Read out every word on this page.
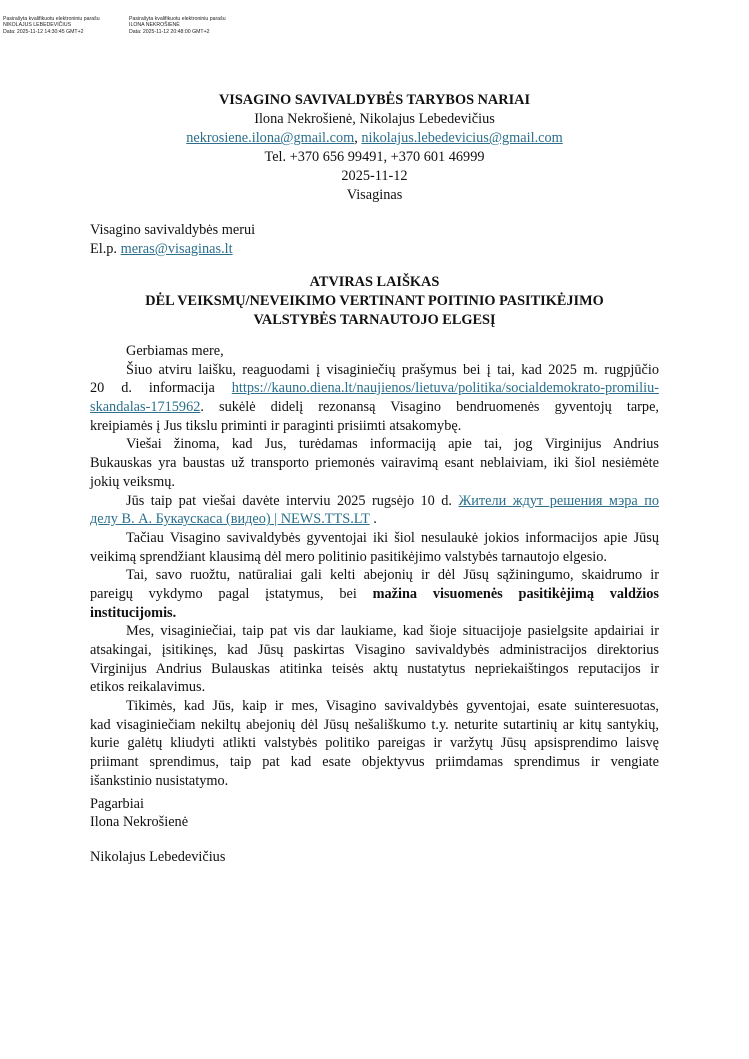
Pasirašyta kvalifikuotu elektroniniu parašu
NIKOLAJUS LEBEDEVIČIUS
Data: 2025-11-12 14:30:45 GMT+2
Pasirašyta kvalifikuotu elektroniniu parašu
ILONA NEKROŠIENĖ
Data: 2025-11-12 20:48:00 GMT+2
VISAGINO SAVIVALDYBĖS TARYBOS NARIAI
Ilona Nekrošienė, Nikolajus Lebedevičius
nekrosiene.ilona@gmail.com, nikolajus.lebedevicius@gmail.com
Tel. +370 656 99491, +370 601 46999
2025-11-12
Visaginas
Visagino savivaldybės merui
El.p. meras@visaginas.lt
ATVIRAS LAIŠKAS
DĖL VEIKSMŲ/NEVEIKIMO VERTINANT POITINIO PASITIKĖJIMO
VALSTYBĖS TARNAUTOJO ELGESĮ
Gerbiamas mere,
Šiuo atviru laišku, reaguodami į visaginiečių prašymus bei į tai, kad 2025 m. rugpjūčio
20 d. informacija https://kauno.diena.lt/naujienos/lietuva/politika/socialdemokrato-promiliu-
skandalas-1715962. sukėlė didelį rezonansą Visagino bendruomenės gyventojų tarpe,
kreipiamės į Jus tikslu priminti ir paraginti prisiimti atsakomybę.
Viešai žinoma, kad Jus, turėdamas informaciją apie tai, jog Virginijus Andrius
Bukauskas yra baustas už transporto priemonės vairavimą esant neblaiviam, iki šiol nesiėmėte
jokių veiksmų.
Jūs taip pat viešai davėte interviu 2025 rugsėjo 10 d. Жители ждут решения мэра по
делу В. А. Букаускаса (видео) | NEWS.TTS.LT .
Tačiau Visagino savivaldybės gyventojai iki šiol nesulaukė jokios informacijos apie Jūsų
veikimą sprendžiant klausimą dėl mero politinio pasitikėjimo valstybės tarnautojo elgesio.
Tai, savo ruožtu, natūraliai gali kelti abejonių ir dėl Jūsų sąžiningumo, skaidrumo ir
pareigų vykdymo pagal įstatymus, bei mažina visuomenės pasitikėjimą valdžios
institucijomis.
Mes, visaginiečiai, taip pat vis dar laukiame, kad šioje situacijoje pasielgsite apdairiai ir
atsakingai, įsitikinęs, kad Jūsų paskirtas Visagino savivaldybės administracijos direktorius
Virginijus Andrius Bulauskas atitinka teisės aktų nustatytus nepriekaištingos reputacijos ir
etikos reikalavimus.
Tikimės, kad Jūs, kaip ir mes, Visagino savivaldybės gyventojai, esate suinteresuotas,
kad visaginiečiam nekiltų abejonių dėl Jūsų nešališkumo t.y. neturite sutartinių ar kitų santykių,
kurie galėtų kliudyti atlikti valstybės politiko pareigas ir varžytų Jūsų apsisprendimo laisvę
priimant sprendimus, taip pat kad esate objektyvus priimdamas sprendimus ir vengiate
išankstinio nusistatymo.
Pagarbiai
Ilona Nekrošienė
Nikolajus Lebedevičius
